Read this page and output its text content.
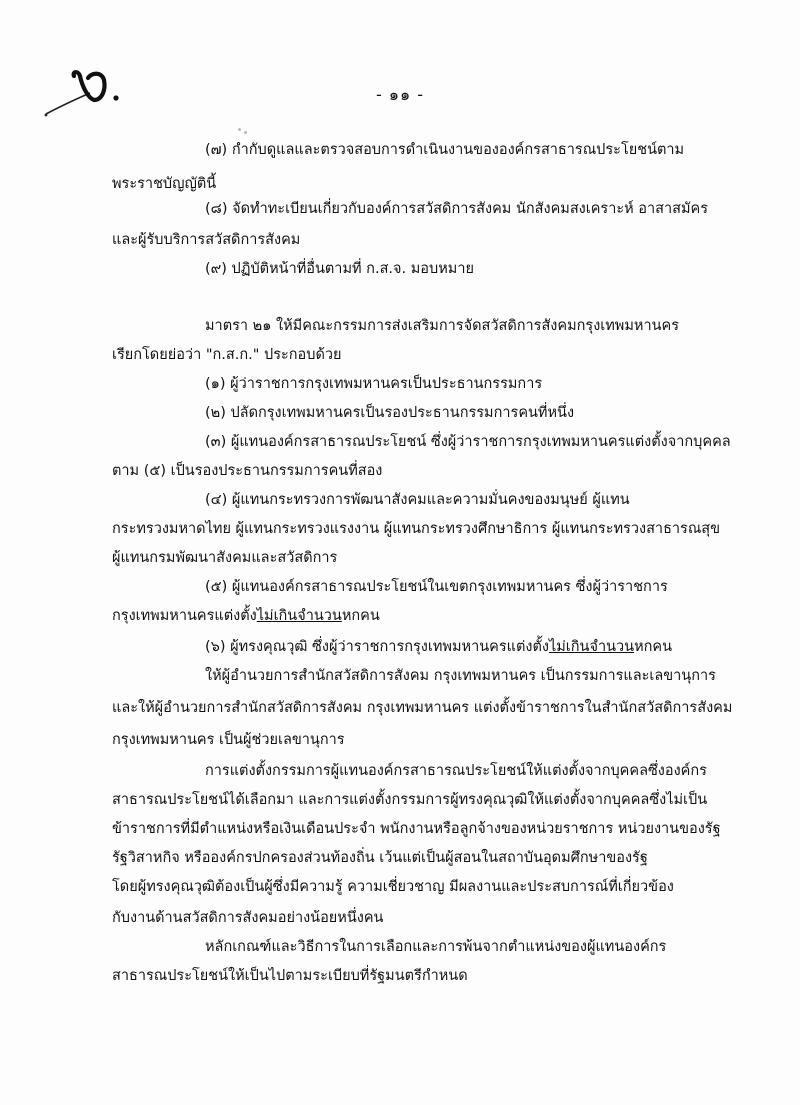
- ๑๑ -
(๗) กำกับดูแลและตรวจสอบการดำเนินงานขององค์กรสาธารณประโยชน์ตาม
พระราชบัญญัตินี้
(๘) จัดทำทะเบียนเกี่ยวกับองค์การสวัสดิการสังคม นักสังคมสงเคราะห์ อาสาสมัคร
และผู้รับบริการสวัสดิการสังคม
(๙) ปฏิบัติหน้าที่อื่นตามที่ ก.ส.จ. มอบหมาย
มาตรา ๒๑ ให้มีคณะกรรมการส่งเสริมการจัดสวัสดิการสังคมกรุงเทพมหานคร
เรียกโดยย่อว่า "ก.ส.ก." ประกอบด้วย
(๑) ผู้ว่าราชการกรุงเทพมหานครเป็นประธานกรรมการ
(๒) ปลัดกรุงเทพมหานครเป็นรองประธานกรรมการคนที่หนึ่ง
(๓) ผู้แทนองค์กรสาธารณประโยชน์ ซึ่งผู้ว่าราชการกรุงเทพมหานครแต่งตั้งจากบุคคล
ตาม (๕) เป็นรองประธานกรรมการคนที่สอง
(๔) ผู้แทนกระทรวงการพัฒนาสังคมและความมั่นคงของมนุษย์ ผู้แทน
กระทรวงมหาดไทย ผู้แทนกระทรวงแรงงาน ผู้แทนกระทรวงศึกษาธิการ ผู้แทนกระทรวงสาธารณสุข
ผู้แทนกรมพัฒนาสังคมและสวัสดิการ
(๕) ผู้แทนองค์กรสาธารณประโยชน์ในเขตกรุงเทพมหานคร ซึ่งผู้ว่าราชการ
กรุงเทพมหานครแต่งตั้งไม่เกินจำนวนหกคน
(๖) ผู้ทรงคุณวุฒิ ซึ่งผู้ว่าราชการกรุงเทพมหานครแต่งตั้งไม่เกินจำนวนหกคน
ให้ผู้อำนวยการสำนักสวัสดิการสังคม กรุงเทพมหานคร เป็นกรรมการและเลขานุการ
และให้ผู้อำนวยการสำนักสวัสดิการสังคม กรุงเทพมหานคร แต่งตั้งข้าราชการในสำนักสวัสดิการสังคม
กรุงเทพมหานคร เป็นผู้ช่วยเลขานุการ
การแต่งตั้งกรรมการผู้แทนองค์กรสาธารณประโยชน์ให้แต่งตั้งจากบุคคลซึ่งองค์กร
สาธารณประโยชน์ได้เลือกมา และการแต่งตั้งกรรมการผู้ทรงคุณวุฒิให้แต่งตั้งจากบุคคลซึ่งไม่เป็น
ข้าราชการที่มีตำแหน่งหรือเงินเดือนประจำ พนักงานหรือลูกจ้างของหน่วยราชการ หน่วยงานของรัฐ
รัฐวิสาหกิจ หรือองค์กรปกครองส่วนท้องถิ่น เว้นแต่เป็นผู้สอนในสถาบันอุดมศึกษาของรัฐ
โดยผู้ทรงคุณวุฒิต้องเป็นผู้ซึ่งมีความรู้ ความเชี่ยวชาญ มีผลงานและประสบการณ์ที่เกี่ยวข้อง
กับงานด้านสวัสดิการสังคมอย่างน้อยหนึ่งคน
หลักเกณฑ์และวิธีการในการเลือกและการพ้นจากตำแหน่งของผู้แทนองค์กร
สาธารณประโยชน์ให้เป็นไปตามระเบียบที่รัฐมนตรีกำหนด
